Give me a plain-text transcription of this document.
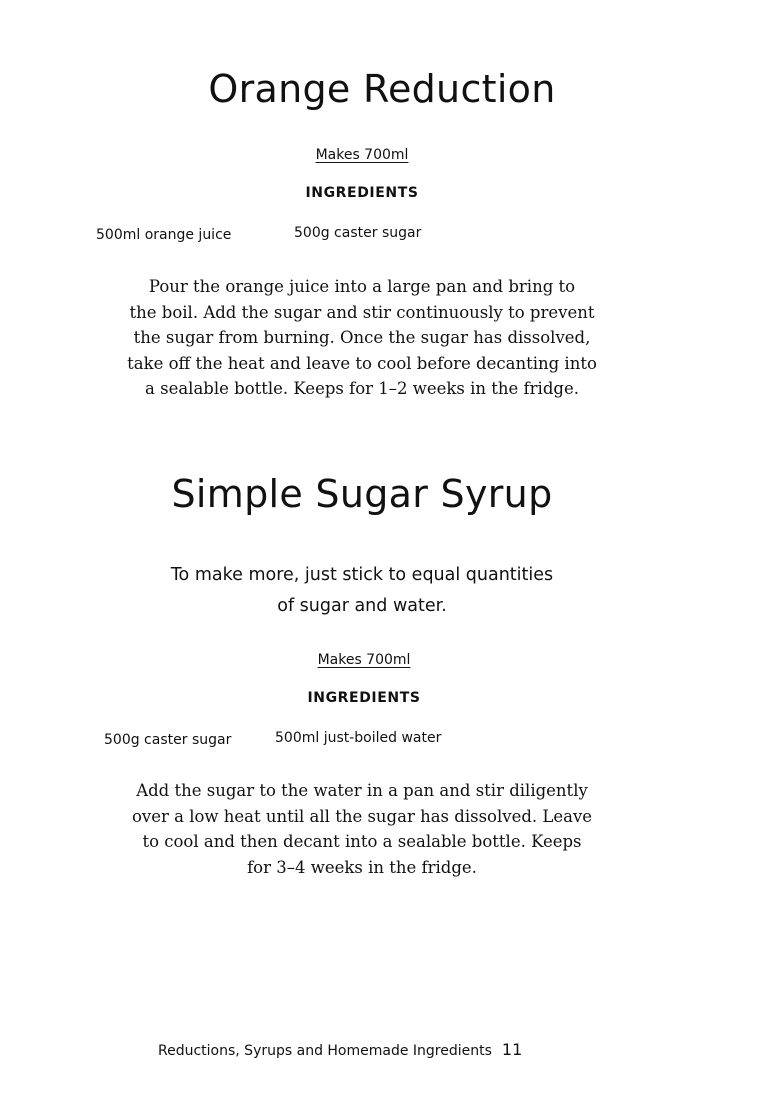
Orange Reduction
Makes 700ml
INGREDIENTS
500ml orange juice	500g caster sugar
Pour the orange juice into a large pan and bring to
the boil. Add the sugar and stir continuously to prevent
the sugar from burning. Once the sugar has dissolved,
take off the heat and leave to cool before decanting into
a sealable bottle. Keeps for 1–2 weeks in the fridge.
Simple Sugar Syrup
To make more, just stick to equal quantities
of sugar and water.
Makes 700ml
INGREDIENTS
500g caster sugar	500ml just-boiled water
Add the sugar to the water in a pan and stir diligently
over a low heat until all the sugar has dissolved. Leave
to cool and then decant into a sealable bottle. Keeps
for 3–4 weeks in the fridge.
Reductions, Syrups and Homemade Ingredients 11
